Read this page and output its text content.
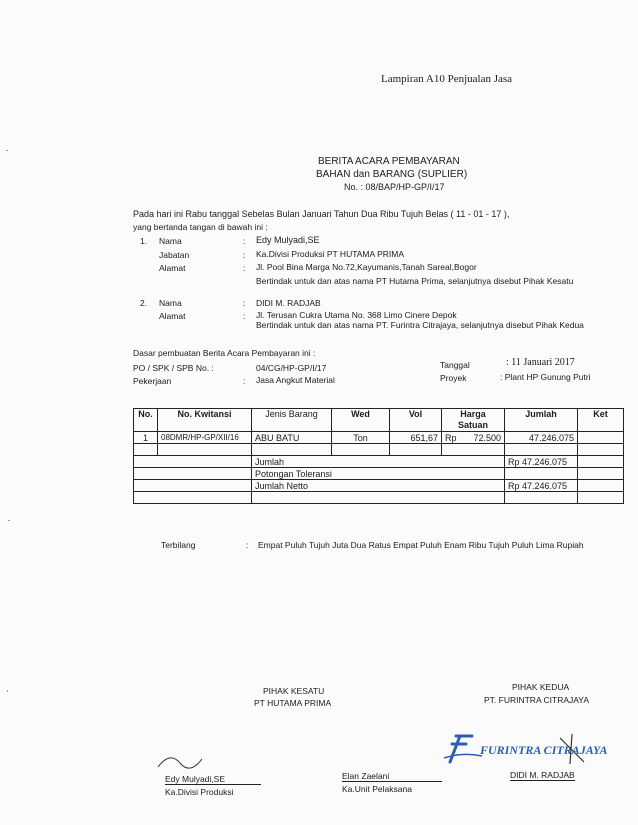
Lampiran A10 Penjualan Jasa
BERITA ACARA PEMBAYARAN
BAHAN dan BARANG (SUPLIER)
No. : 08/BAP/HP-GP/I/17
Pada hari ini Rabu tanggal Sebelas Bulan Januari Tahun Dua Ribu Tujuh Belas ( 11 - 01 - 17 ),
yang bertanda tangan di bawah ini :
1. Nama	: Edy Mulyadi,SE
Jabatan	: Ka.Divisi Produksi PT HUTAMA PRIMA
Alamat	: Jl. Pool Bina Marga No.72,Kayumanis,Tanah Sareal,Bogor
Bertindak untuk dan atas nama PT Hutama Prima, selanjutnya disebut Pihak Kesatu
2. Nama	: DIDI M. RADJAB
Alamat	: Jl. Terusan Cukra Utama No. 368 Limo Cinere Depok
Bertindak untuk dan atas nama PT. Furintra Citrajaya, selanjutnya disebut Pihak Kedua
Dasar pembuatan Berita Acara Pembayaran ini :
PO / SPK / SPB No. :	04/CG/HP-GP/I/17
Pekerjaan	: Jasa Angkut Material
Tanggal	: 11 Januari 2017
Proyek	: Plant HP Gunung Putri
No.	No. Kwitansi	Jenis Barang	Wed	Vol	Harga Satuan	Jumlah	Ket
1	08DMR/HP-GP/XII/16	ABU BATU	Ton	651,67	Rp 72.500	47.246.075	

		Jumlah				Rp 47.246.075	
		Potongan Toleransi					
		Jumlah Netto				Rp 47.246.075	

Terbilang	: Empat Puluh Tujuh Juta Dua Ratus Empat Puluh Enam Ribu Tujuh Puluh Lima Rupiah
PIHAK KESATU
PT HUTAMA PRIMA
PIHAK KEDUA
PT. FURINTRA CITRAJAYA
FURINTRA CITRAJAYA
Edy Mulyadi,SE
Ka.Divisi Produksi
Elan Zaelani
Ka.Unit Pelaksana
DIDI M. RADJAB
